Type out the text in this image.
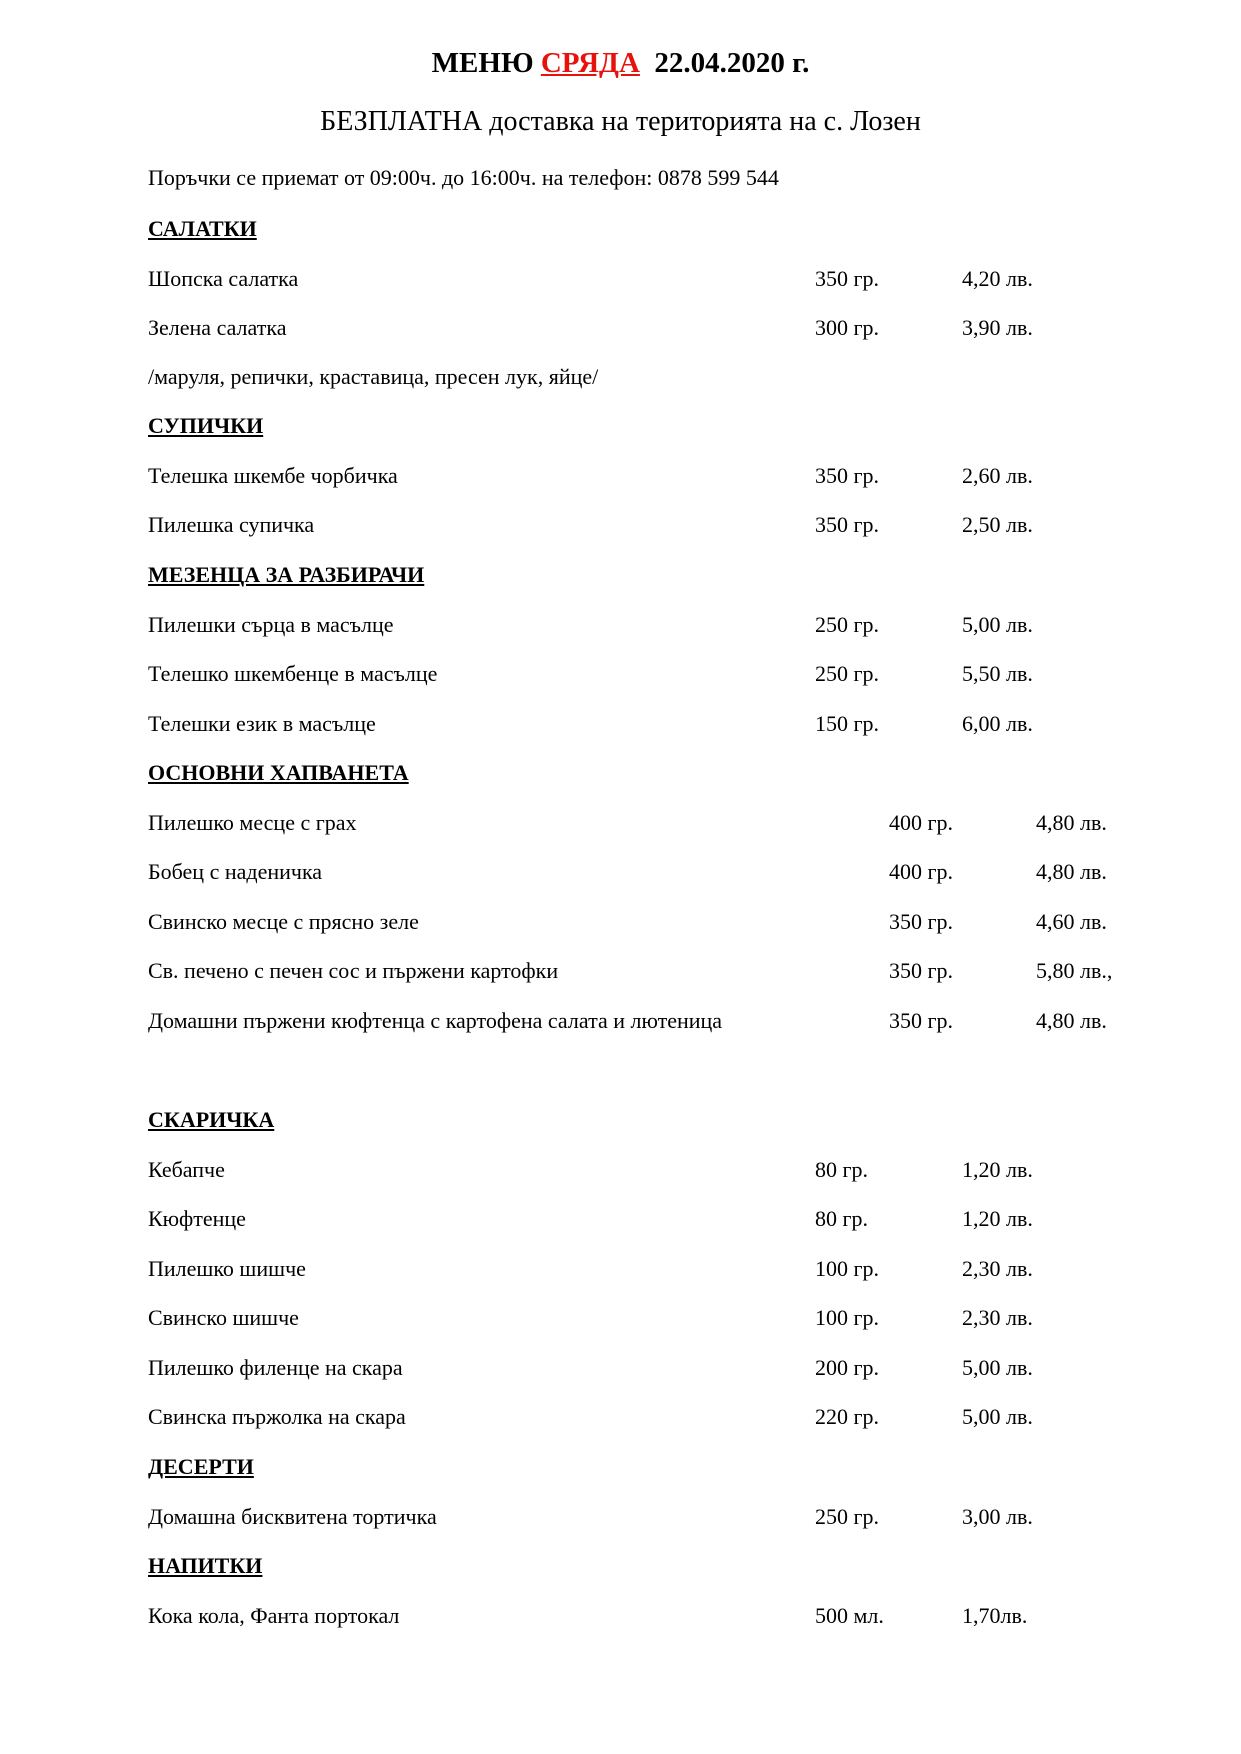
МЕНЮ СРЯДА 22.04.2020 г.
БЕЗПЛАТНА доставка на територията на с. Лозен
Поръчки се приемат от 09:00ч. до 16:00ч. на телефон: 0878 599 544
САЛАТКИ
Шопска салатка	350 гр.	4,20 лв.
Зелена салатка	300 гр.	3,90 лв.
/маруля, репички, краставица, пресен лук, яйце/
СУПИЧКИ
Телешка шкембе чорбичка	350 гр.	2,60 лв.
Пилешка супичка	350 гр.	2,50 лв.
МЕЗЕНЦА ЗА РАЗБИРАЧИ
Пилешки сърца в масълце	250 гр.	5,00 лв.
Телешко шкембенце в масълце	250 гр.	5,50 лв.
Телешки език в масълце	150 гр.	6,00 лв.
ОСНОВНИ ХАПВАНЕТА
Пилешко месце с грах	400 гр.	4,80 лв.
Бобец с наденичка	400 гр.	4,80 лв.
Свинско месце с прясно зеле	350 гр.	4,60 лв.
Св. печено с печен сос и пържени картофки	350 гр.	5,80 лв.,
Домашни пържени кюфтенца с картофена салата и лютеница	350 гр.	4,80 лв.
СКАРИЧКА
Кебапче	80 гр.	1,20 лв.
Кюфтенце	80 гр.	1,20 лв.
Пилешко шишче	100 гр.	2,30 лв.
Свинско шишче	100 гр.	2,30 лв.
Пилешко филенце на скара	200 гр.	5,00 лв.
Свинска пържолка на скара	220 гр.	5,00 лв.
ДЕСЕРТИ
Домашна бисквитена тортичка	250 гр.	3,00 лв.
НАПИТКИ
Кока кола, Фанта портокал	500 мл.	1,70лв.
